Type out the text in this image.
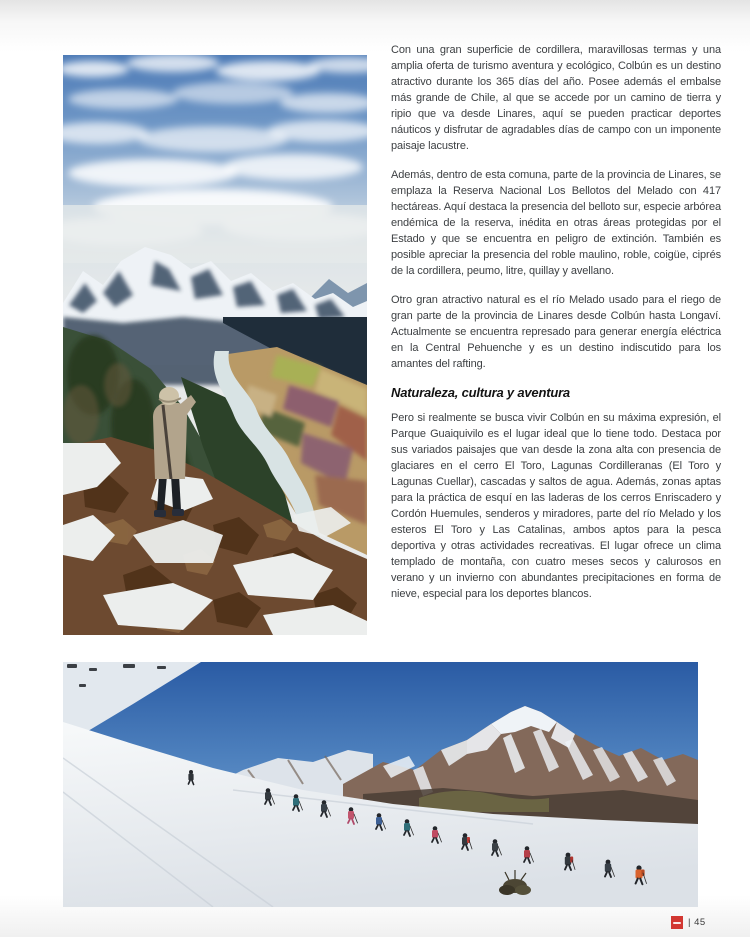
Con una gran superficie de cordillera, maravillosas termas y una amplia oferta de turismo aventura y ecológico, Colbún es un destino atractivo durante los 365 días del año. Posee además el embalse más grande de Chile, al que se accede por un camino de tierra y ripio que va desde Linares, aquí se pueden practicar deportes náuticos y disfrutar de agradables días de campo con un imponente paisaje lacustre.

Además, dentro de esta comuna, parte de la provincia de Linares, se emplaza la Reserva Nacional Los Bellotos del Melado con 417 hectáreas. Aquí destaca la presencia del belloto sur, especie arbórea endémica de la reserva, inédita en otras áreas protegidas por el Estado y que se encuentra en peligro de extinción. También es posible apreciar la presencia del roble maulino, roble, coigüe, ciprés de la cordillera, peumo, litre, quillay y avellano.

Otro gran atractivo natural es el río Melado usado para el riego de gran parte de la provincia de Linares desde Colbún hasta Longaví. Actualmente se encuentra represado para generar energía eléctrica en la Central Pehuenche y es un destino indiscutido para los amantes del rafting.

Naturaleza, cultura y aventura

Pero si realmente se busca vivir Colbún en su máxima expresión, el Parque Guaiquivilo es el lugar ideal que lo tiene todo. Destaca por sus variados paisajes que van desde la zona alta con presencia de glaciares en el cerro El Toro, Lagunas Cordilleranas (El Toro y Lagunas Cuellar), cascadas y saltos de agua. Además, zonas aptas para la práctica de esquí en las laderas de los cerros Enriscadero y Cordón Huemules, senderos y miradores, parte del río Melado y los esteros El Toro y Las Catalinas, ambos aptos para la pesca deportiva y otras actividades recreativas. El lugar ofrece un clima templado de montaña, con cuatro meses secos y calurosos en verano y un invierno con abundantes precipitaciones en forma de nieve, especial para los deportes blancos.

| 45
